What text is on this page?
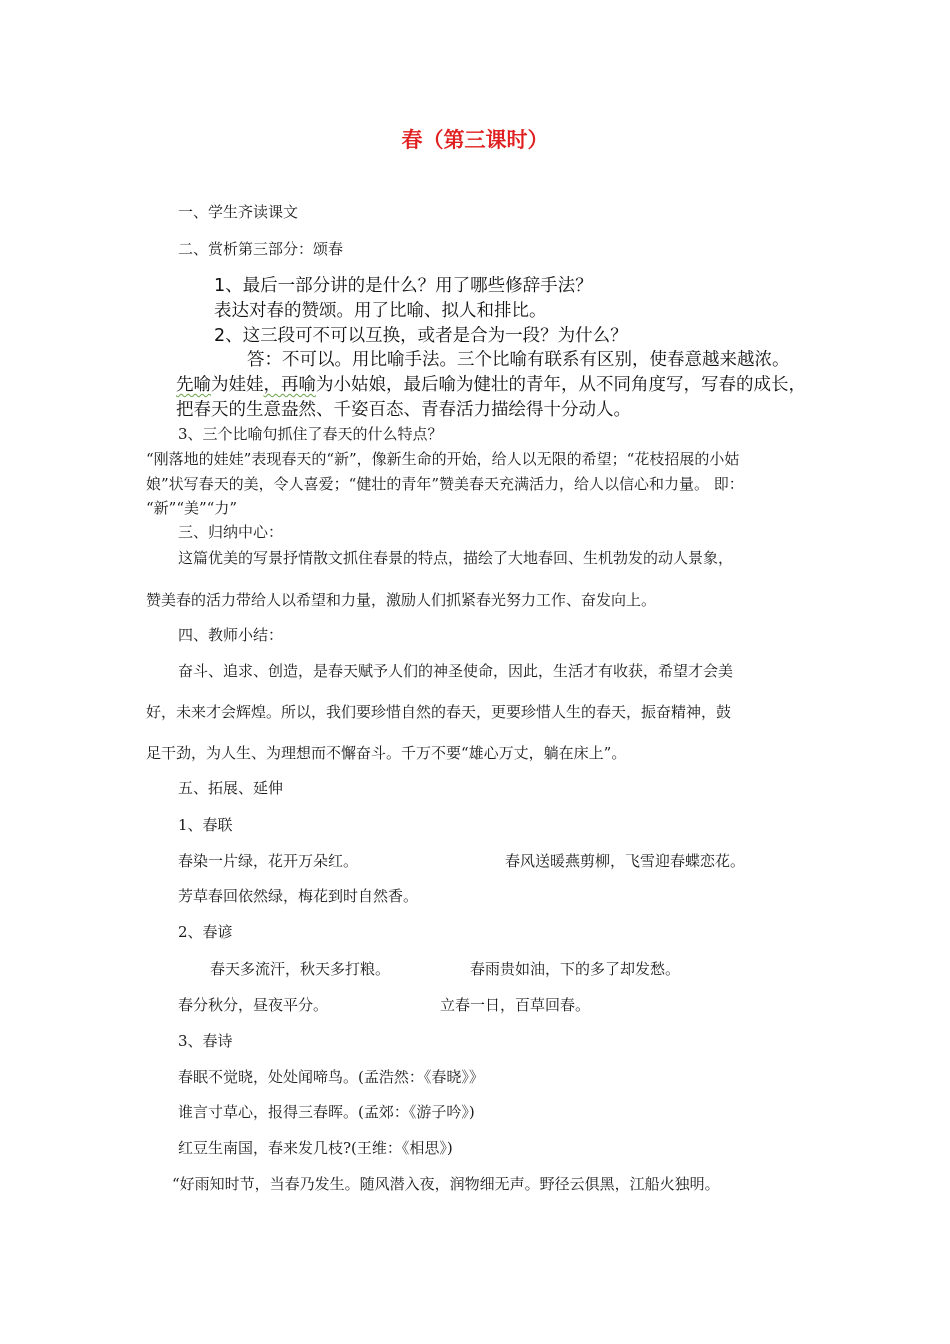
春（第三课时）
一、学生齐读课文
二、赏析第三部分：颂春
1、最后一部分讲的是什么？用了哪些修辞手法？
表达对春的赞颂。用了比喻、拟人和排比。
2、这三段可不可以互换，或者是合为一段？为什么？
答：不可以。用比喻手法。三个比喻有联系有区别，使春意越来越浓。
先喻为娃娃，再喻为小姑娘，最后喻为健壮的青年，从不同角度写，写春的成长，
把春天的生意盎然、千姿百态、青春活力描绘得十分动人。
3、三个比喻句抓住了春天的什么特点？
“刚落地的娃娃”表现春天的“新”，像新生命的开始，给人以无限的希望；“花枝招展的小姑
娘”状写春天的美，令人喜爱；“健壮的青年”赞美春天充满活力，给人以信心和力量。 即：
“新”“美”“力”
三、归纳中心：
这篇优美的写景抒情散文抓住春景的特点，描绘了大地春回、生机勃发的动人景象，
赞美春的活力带给人以希望和力量，激励人们抓紧春光努力工作、奋发向上。
四、教师小结：
奋斗、追求、创造，是春天赋予人们的神圣使命，因此，生活才有收获，希望才会美
好，未来才会辉煌。所以，我们要珍惜自然的春天，更要珍惜人生的春天，振奋精神，鼓
足干劲，为人生、为理想而不懈奋斗。千万不要“雄心万丈，躺在床上”。
五、拓展、延伸
1、春联
春染一片绿，花开万朵红。	春风送暖燕剪柳，飞雪迎春蝶恋花。
芳草春回依然绿，梅花到时自然香。
2、春谚
春天多流汗，秋天多打粮。	春雨贵如油，下的多了却发愁。
春分秋分，昼夜平分。	立春一日，百草回春。
3、春诗
春眠不觉晓，处处闻啼鸟。(孟浩然：《春晓》》
谁言寸草心，报得三春晖。(孟郊：《游子吟》)
红豆生南国，春来发几枝?(王维：《相思》)
“好雨知时节，当春乃发生。随风潜入夜，润物细无声。野径云俱黑，江船火独明。
